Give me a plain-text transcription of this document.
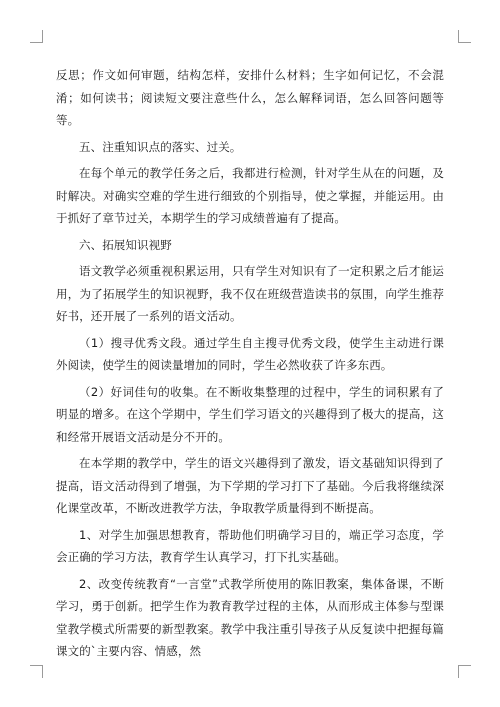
反思；作文如何审题，结构怎样，安排什么材料；生字如何记忆，不会混淆；如何读书；阅读短文要注意些什么，怎么解释词语，怎么回答问题等等。

五、注重知识点的落实、过关。

在每个单元的教学任务之后，我都进行检测，针对学生从在的问题，及时解决。对确实空难的学生进行细致的个别指导，使之掌握，并能运用。由于抓好了章节过关，本期学生的学习成绩普遍有了提高。

六、拓展知识视野

语文教学必须重视积累运用，只有学生对知识有了一定积累之后才能运用，为了拓展学生的知识视野，我不仅在班级营造读书的氛围，向学生推荐好书，还开展了一系列的语文活动。

（1）搜寻优秀文段。通过学生自主搜寻优秀文段，使学生主动进行课外阅读，使学生的阅读量增加的同时，学生必然收获了许多东西。

（2）好词佳句的收集。在不断收集整理的过程中，学生的词积累有了明显的增多。在这个学期中，学生们学习语文的兴趣得到了极大的提高，这和经常开展语文活动是分不开的。

在本学期的教学中，学生的语文兴趣得到了激发，语文基础知识得到了提高，语文活动得到了增强，为下学期的学习打下了基础。今后我将继续深化课堂改革，不断改进教学方法，争取教学质量得到不断提高。

1、对学生加强思想教育，帮助他们明确学习目的，端正学习态度，学会正确的学习方法，教育学生认真学习，打下扎实基础。

2、改变传统教育“一言堂”式教学所使用的陈旧教案，集体备课，不断学习，勇于创新。把学生作为教育教学过程的主体，从而形成主体参与型课堂教学模式所需要的新型教案。教学中我注重引导孩子从反复读中把握每篇课文的`主要内容、情感，然
